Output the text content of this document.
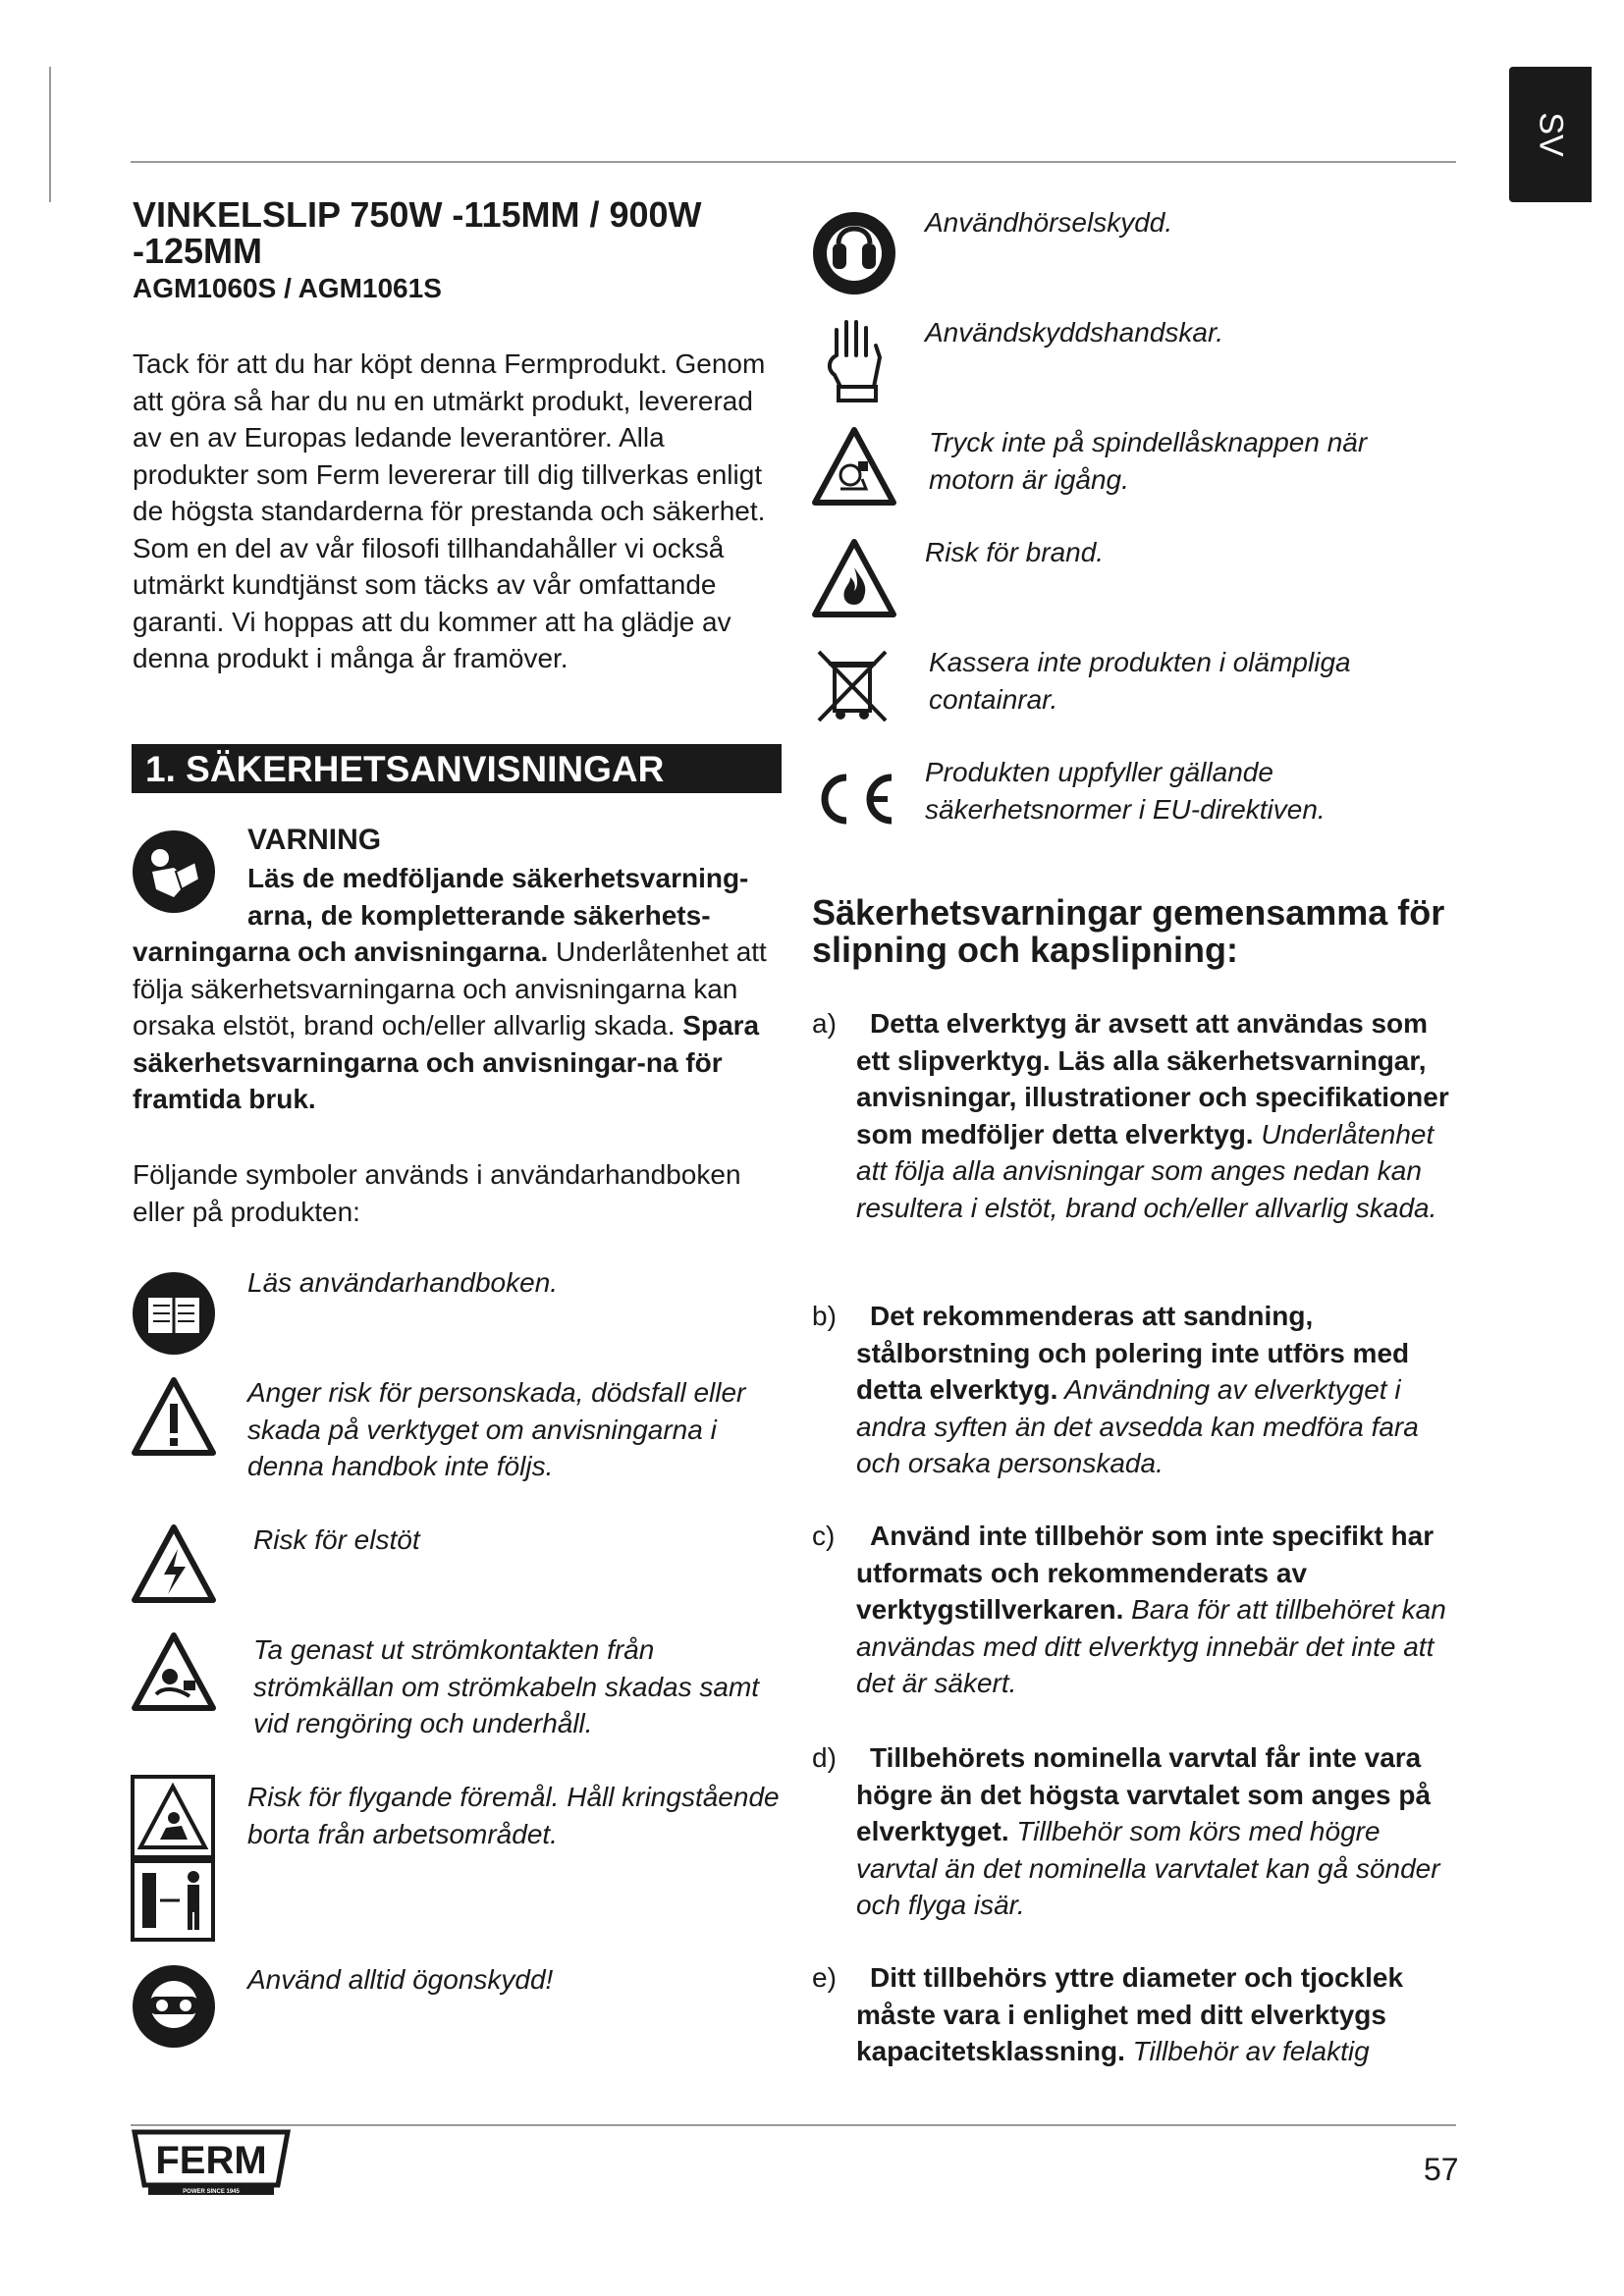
SV
VINKELSLIP 750W -115MM / 900W -125MM
AGM1060S / AGM1061S
Tack för att du har köpt denna Fermprodukt. Genom att göra så har du nu en utmärkt produkt, levererad av en av Europas ledande leverantörer. Alla produkter som Ferm levererar till dig tillverkas enligt de högsta standarderna för prestanda och säkerhet. Som en del av vår filosofi tillhandahåller vi också utmärkt kundtjänst som täcks av vår omfattande garanti. Vi hoppas att du kommer att ha glädje av denna produkt i många år framöver.
1. SÄKERHETSANVISNINGAR
VARNING
Läs de medföljande säkerhetsvarning-arna, de kompletterande säkerhets-
varningarna och anvisningarna. Underlåtenhet att följa säkerhetsvarningarna och anvisningarna kan orsaka elstöt, brand och/eller allvarlig skada. Spara säkerhetsvarningarna och anvisningar-na för framtida bruk.
Följande symboler används i användarhandboken eller på produkten:
Läs användarhandboken.
Anger risk för personskada, dödsfall eller skada på verktyget om anvisningarna i denna handbok inte följs.
Risk för elstöt
Ta genast ut strömkontakten från strömkällan om strömkabeln skadas samt vid rengöring och underhåll.
Risk för flygande föremål. Håll kringstående borta från arbetsområdet.
Använd alltid ögonskydd!
Användhörselskydd.
Användskyddshandskar.
Tryck inte på spindellåsknappen när motorn är igång.
Risk för brand.
Kassera inte produkten i olämpliga containrar.
Produkten uppfyller gällande säkerhetsnormer i EU-direktiven.
Säkerhetsvarningar gemensamma för slipning och kapslipning:
a)	Detta elverktyg är avsett att användas som ett slipverktyg. Läs alla säkerhetsvarningar, anvisningar, illustrationer och specifikationer som medföljer detta elverktyg. Underlåtenhet att följa alla anvisningar som anges nedan kan resultera i elstöt, brand och/eller allvarlig skada.
b)	Det rekommenderas att sandning, stålborstning och polering inte utförs med detta elverktyg. Användning av elverktyget i andra syften än det avsedda kan medföra fara och orsaka personskada.
c)	Använd inte tillbehör som inte specifikt har utformats och rekommenderats av verktygstillverkaren. Bara för att tillbehöret kan användas med ditt elverktyg innebär det inte att det är säkert.
d)	Tillbehörets nominella varvtal får inte vara högre än det högsta varvtalet som anges på elverktyget. Tillbehör som körs med högre varvtal än det nominella varvtalet kan gå sönder och flyga isär.
e)	Ditt tillbehörs yttre diameter och tjocklek måste vara i enlighet med ditt elverktygs kapacitetsklassning. Tillbehör av felaktig
FERM
POWER SINCE 1945
57
